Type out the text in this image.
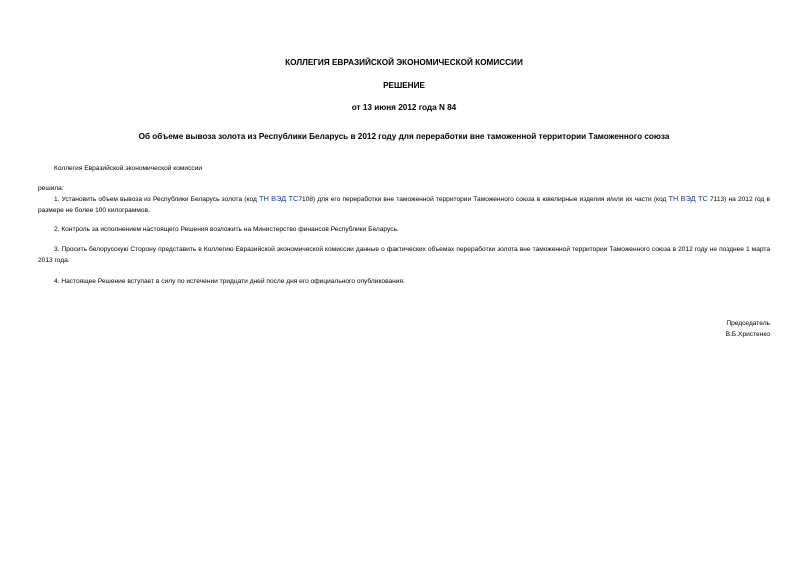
КОЛЛЕГИЯ ЕВРАЗИЙСКОЙ ЭКОНОМИЧЕСКОЙ КОМИССИИ
РЕШЕНИЕ
от 13 июня 2012 года N 84
Об объеме вывоза золота из Республики Беларусь в 2012 году для переработки вне таможенной территории Таможенного союза
Коллегия Евразийской экономической комиссии
решила:
1. Установить объем вывоза из Республики Беларусь золота (код ТН ВЭД ТС7108) для его переработки вне таможенной территории Таможенного союза в ювелирные изделия и/или их части (код ТН ВЭД ТС 7113) на 2012 год в размере не более 100 килограммов.
2. Контроль за исполнением настоящего Решения возложить на Министерство финансов Республики Беларусь.
3. Просить белорусскую Сторону представить в Коллегию Евразийской экономической комиссии данные о фактических объемах переработки золота вне таможенной территории Таможенного союза в 2012 году не позднее 1 марта 2013 года.
4. Настоящее Решение вступает в силу по истечении тридцати дней после дня его официального опубликования.
Председатель
В.Б.Христенко
